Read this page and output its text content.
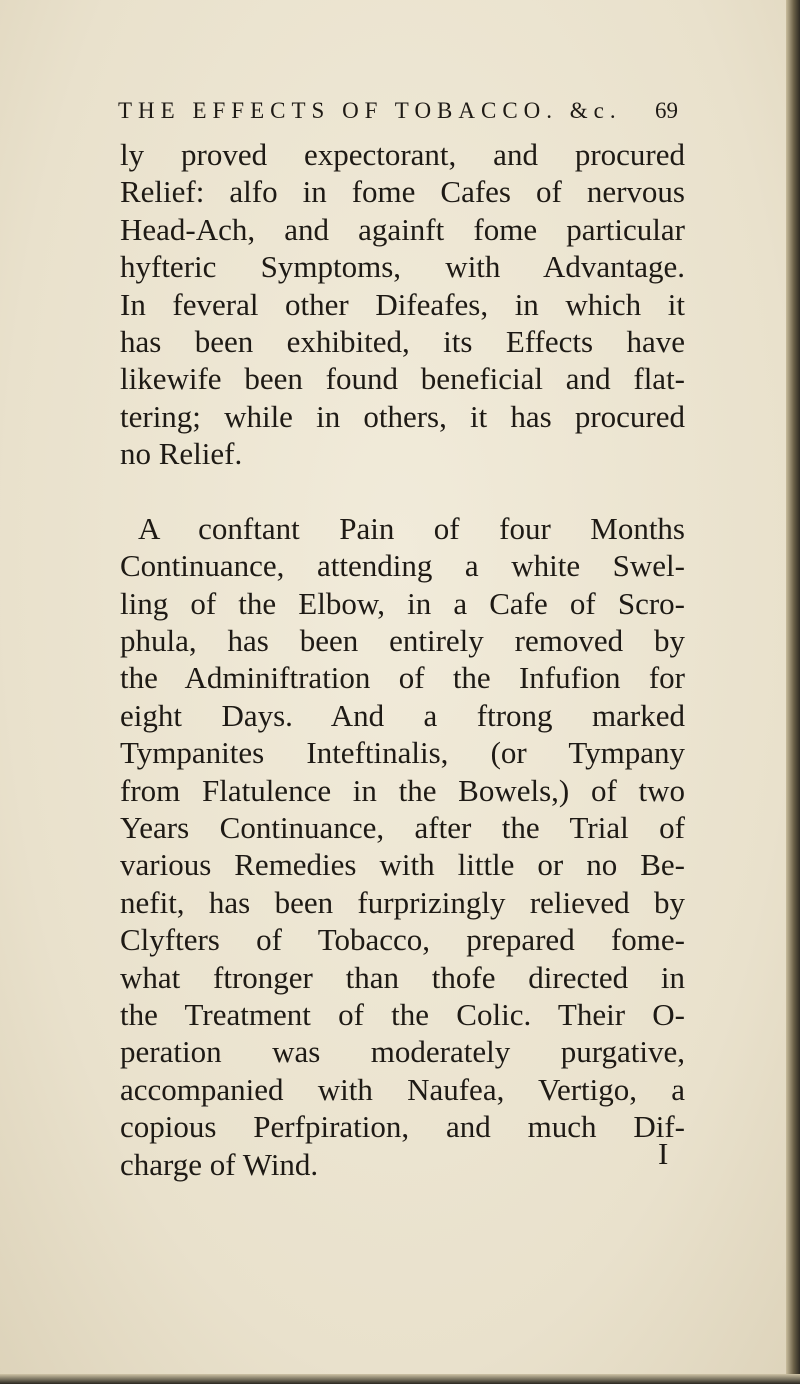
THE EFFECTS OF TOBACCO. &c. 69
ly proved expectorant, and procured
Relief: alfo in fome Cafes of nervous
Head-Ach, and againft fome particular
hyfteric Symptoms, with Advantage.
In feveral other Difeafes, in which it
has been exhibited, its Effects have
likewife been found beneficial and flat-
tering; while in others, it has procured
no Relief.
A conftant Pain of four Months
Continuance, attending a white Swel-
ling of the Elbow, in a Cafe of Scro-
phula, has been entirely removed by
the Adminiftration of the Infufion for
eight Days. And a ftrong marked
Tympanites Inteftinalis, (or Tympany
from Flatulence in the Bowels,) of two
Years Continuance, after the Trial of
various Remedies with little or no Be-
nefit, has been furprizingly relieved by
Clyfters of Tobacco, prepared fome-
what ftronger than thofe directed in
the Treatment of the Colic. Their O-
peration was moderately purgative,
accompanied with Naufea, Vertigo, a
copious Perfpiration, and much Dif-
charge of Wind.	I
